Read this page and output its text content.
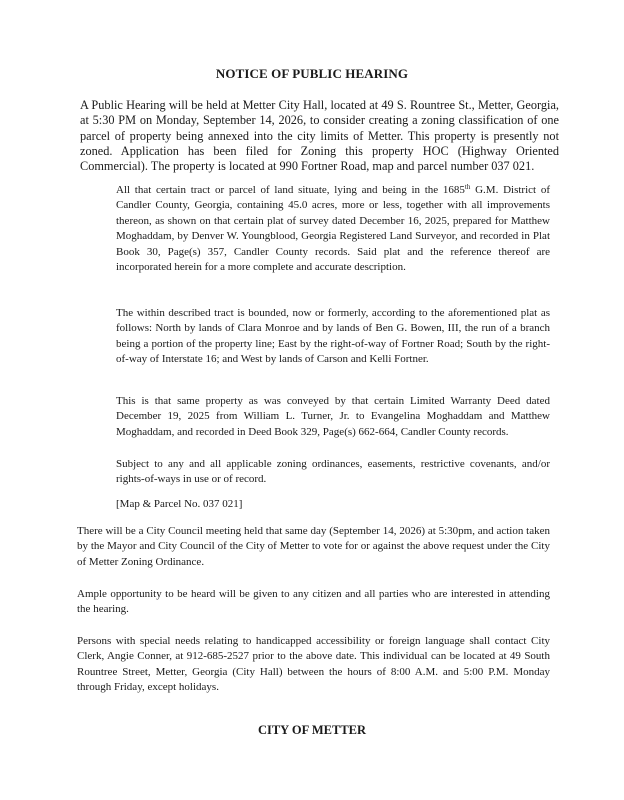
NOTICE OF PUBLIC HEARING

A Public Hearing will be held at Metter City Hall, located at 49 S. Rountree St., Metter, Georgia, at 5:30 PM on Monday, September 14, 2026, to consider creating a zoning classification of one parcel of property being annexed into the city limits of Metter. This property is presently not zoned. Application has been filed for Zoning this property HOC (Highway Oriented Commercial). The property is located at 990 Fortner Road, map and parcel number 037 021.

All that certain tract or parcel of land situate, lying and being in the 1685th G.M. District of Candler County, Georgia, containing 45.0 acres, more or less, together with all improvements thereon, as shown on that certain plat of survey dated December 16, 2025, prepared for Matthew Moghaddam, by Denver W. Youngblood, Georgia Registered Land Surveyor, and recorded in Plat Book 30, Page(s) 357, Candler County records. Said plat and the reference thereof are incorporated herein for a more complete and accurate description.

The within described tract is bounded, now or formerly, according to the aforementioned plat as follows: North by lands of Clara Monroe and by lands of Ben G. Bowen, III, the run of a branch being a portion of the property line; East by the right-of-way of Fortner Road; South by the right-of-way of Interstate 16; and West by lands of Carson and Kelli Fortner.

This is that same property as was conveyed by that certain Limited Warranty Deed dated December 19, 2025 from William L. Turner, Jr. to Evangelina Moghaddam and Matthew Moghaddam, and recorded in Deed Book 329, Page(s) 662-664, Candler County records.

Subject to any and all applicable zoning ordinances, easements, restrictive covenants, and/or rights-of-ways in use or of record.

[Map & Parcel No. 037 021]

There will be a City Council meeting held that same day (September 14, 2026) at 5:30pm, and action taken by the Mayor and City Council of the City of Metter to vote for or against the above request under the City of Metter Zoning Ordinance.

Ample opportunity to be heard will be given to any citizen and all parties who are interested in attending the hearing.

Persons with special needs relating to handicapped accessibility or foreign language shall contact City Clerk, Angie Conner, at 912-685-2527 prior to the above date. This individual can be located at 49 South Rountree Street, Metter, Georgia (City Hall) between the hours of 8:00 A.M. and 5:00 P.M. Monday through Friday, except holidays.

CITY OF METTER
